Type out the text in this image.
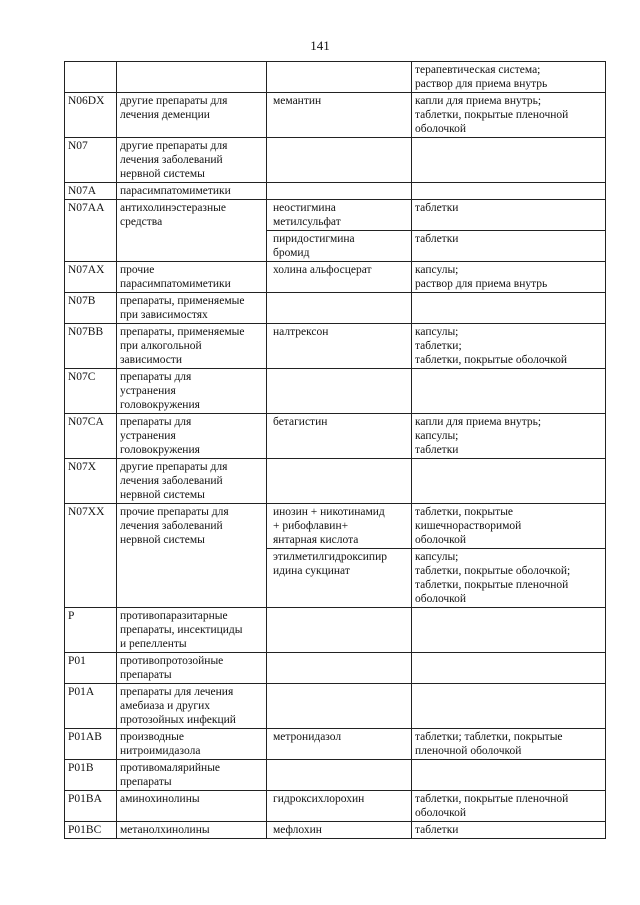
141

			терапевтическая система;
раствор для приема внутрь

N06DX	другие препараты для
лечения деменции	мемантин	капли для приема внутрь;
таблетки, покрытые пленочной
оболочкой

N07	другие препараты для
лечения заболеваний
нервной системы		

N07A	парасимпатомиметики		

N07AA	антихолинэстеразные
средства	неостигмина
метилсульфат	таблетки

		пиридостигмина
бромид	таблетки

N07AX	прочие
парасимпатомиметики	холина альфосцерат	капсулы;
раствор для приема внутрь

N07B	препараты, применяемые
при зависимостях		

N07BB	препараты, применяемые
при алкогольной
зависимости	налтрексон	капсулы;
таблетки;
таблетки, покрытые оболочкой

N07C	препараты для
устранения
головокружения		

N07CA	препараты для
устранения
головокружения	бетагистин	капли для приема внутрь;
капсулы;
таблетки

N07X	другие препараты для
лечения заболеваний
нервной системы		

N07XX	прочие препараты для
лечения заболеваний
нервной системы	инозин + никотинамид
+ рибофлавин+
янтарная кислота	таблетки, покрытые
кишечнорастворимой
оболочкой

		этилметилгидроксипир
идина сукцинат	капсулы;
таблетки, покрытые оболочкой;
таблетки, покрытые пленочной
оболочкой

P	противопаразитарные
препараты, инсектициды
и репелленты		

P01	противопротозойные
препараты		

P01A	препараты для лечения
амебиаза и других
протозойных инфекций		

P01AB	производные
нитроимидазола	метронидазол	таблетки; таблетки, покрытые
пленочной оболочкой

P01B	противомалярийные
препараты		

P01BA	аминохинолины	гидроксихлорохин	таблетки, покрытые пленочной
оболочкой

P01BC	метанолхинолины	мефлохин	таблетки
